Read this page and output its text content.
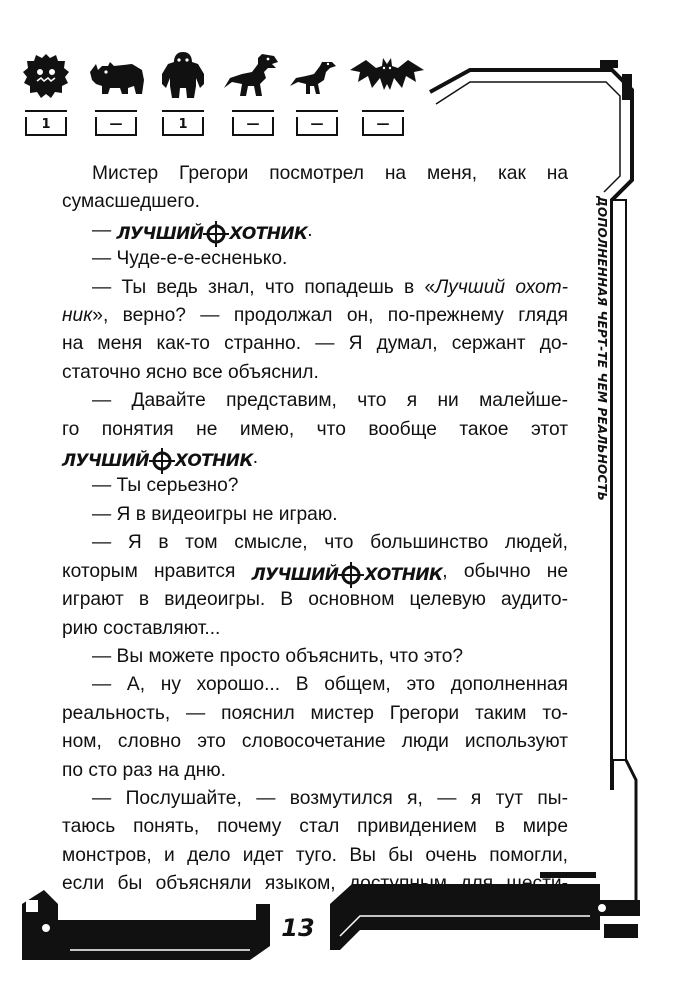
1	—	1	—	—	—
Мистер Грегори посмотрел на меня, как на
сумасшедшего.
— ЛУЧШИЙ ХОТНИК .
— Чуде-е-е-есненько.
— Ты ведь знал, что попадешь в «Лучший охот-
ник», верно? — продолжал он, по-прежнему глядя
на меня как-то странно. — Я думал, сержант до-
статочно ясно все объяснил.
— Давайте представим, что я ни малейше-
го понятия не имею, что вообще такое этот
ЛУЧШИЙ ХОТНИК .
— Ты серьезно?
— Я в видеоигры не играю.
— Я в том смысле, что большинство людей,
которым нравится ЛУЧШИЙ ХОТНИК , обычно не
играют в видеоигры. В основном целевую аудито-
рию составляют...
— Вы можете просто объяснить, что это?
— А, ну хорошо... В общем, это дополненная
реальность, — пояснил мистер Грегори таким то-
ном, словно это словосочетание люди используют
по сто раз на дню.
— Послушайте, — возмутился я, — я тут пы-
таюсь понять, почему стал привидением в мире
монстров, и дело идет туго. Вы бы очень помогли,
если бы объясняли языком, доступным для шести-
ДОПОЛНЕННАЯ ЧЕРТ-ТЕ ЧЕМ РЕАЛЬНОСТЬ
13
